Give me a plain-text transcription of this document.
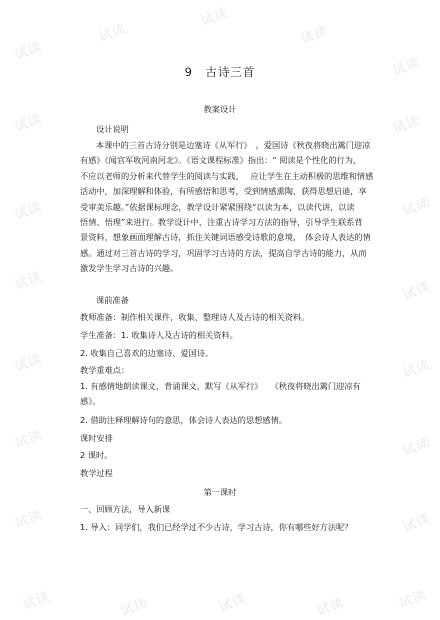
试读
试读
试读
试读
试读
试读	试读
试读	试读
试读	试读
试读	试读
试读	试读
试读	试读
试读	试读	试读	试读	试读
9　古诗三首
教案设计
设计说明
本课中的三首古诗分别是边塞诗《从军行》　，爱国诗《秋夜将晓出篱门迎凉
有感》《闻官军收河南河北》。《语文课程标准》指出：“ 阅读是个性化的行为，
不应以老师的分析来代替学生的阅读与实践，　 应让学生在主动积极的思维和情感
活动中，加深理解和体验，有所感悟和思考，受到情感熏陶，获得思想启迪，享
受审美乐趣。”依据课标理念，教学设计紧紧围绕“以读为本，以读代讲，以读
悟情、悟理”来进行。教学设计中，注重古诗学习方法的指导，引导学生联系背
景资料，想象画面理解古诗，抓住关键词语感受诗歌的意境，　体会诗人表达的情
感。通过对三首古诗的学习，巩固学习古诗的方法，提高自学古诗的能力，从而
激发学生学习古诗的兴趣。
课前准备
教师准备：制作相关课件，收集、整理诗人及古诗的相关资料。
学生准备：1. 收集诗人及古诗的相关资料。
2. 收集自己喜欢的边塞诗、爱国诗。
教学重难点：
1. 有感情地朗读课文，背诵课文，默写《从军行》　　《秋夜将晓出篱门迎凉有
感》。
2. 借助注释理解诗句的意思，体会诗人表达的思想感情。
课时安排
2 课时。
教学过程
第一课时
一、回顾方法，导入新课
1. 导入：同学们，我们已经学过不少古诗，学习古诗，你有哪些好方法呢？
